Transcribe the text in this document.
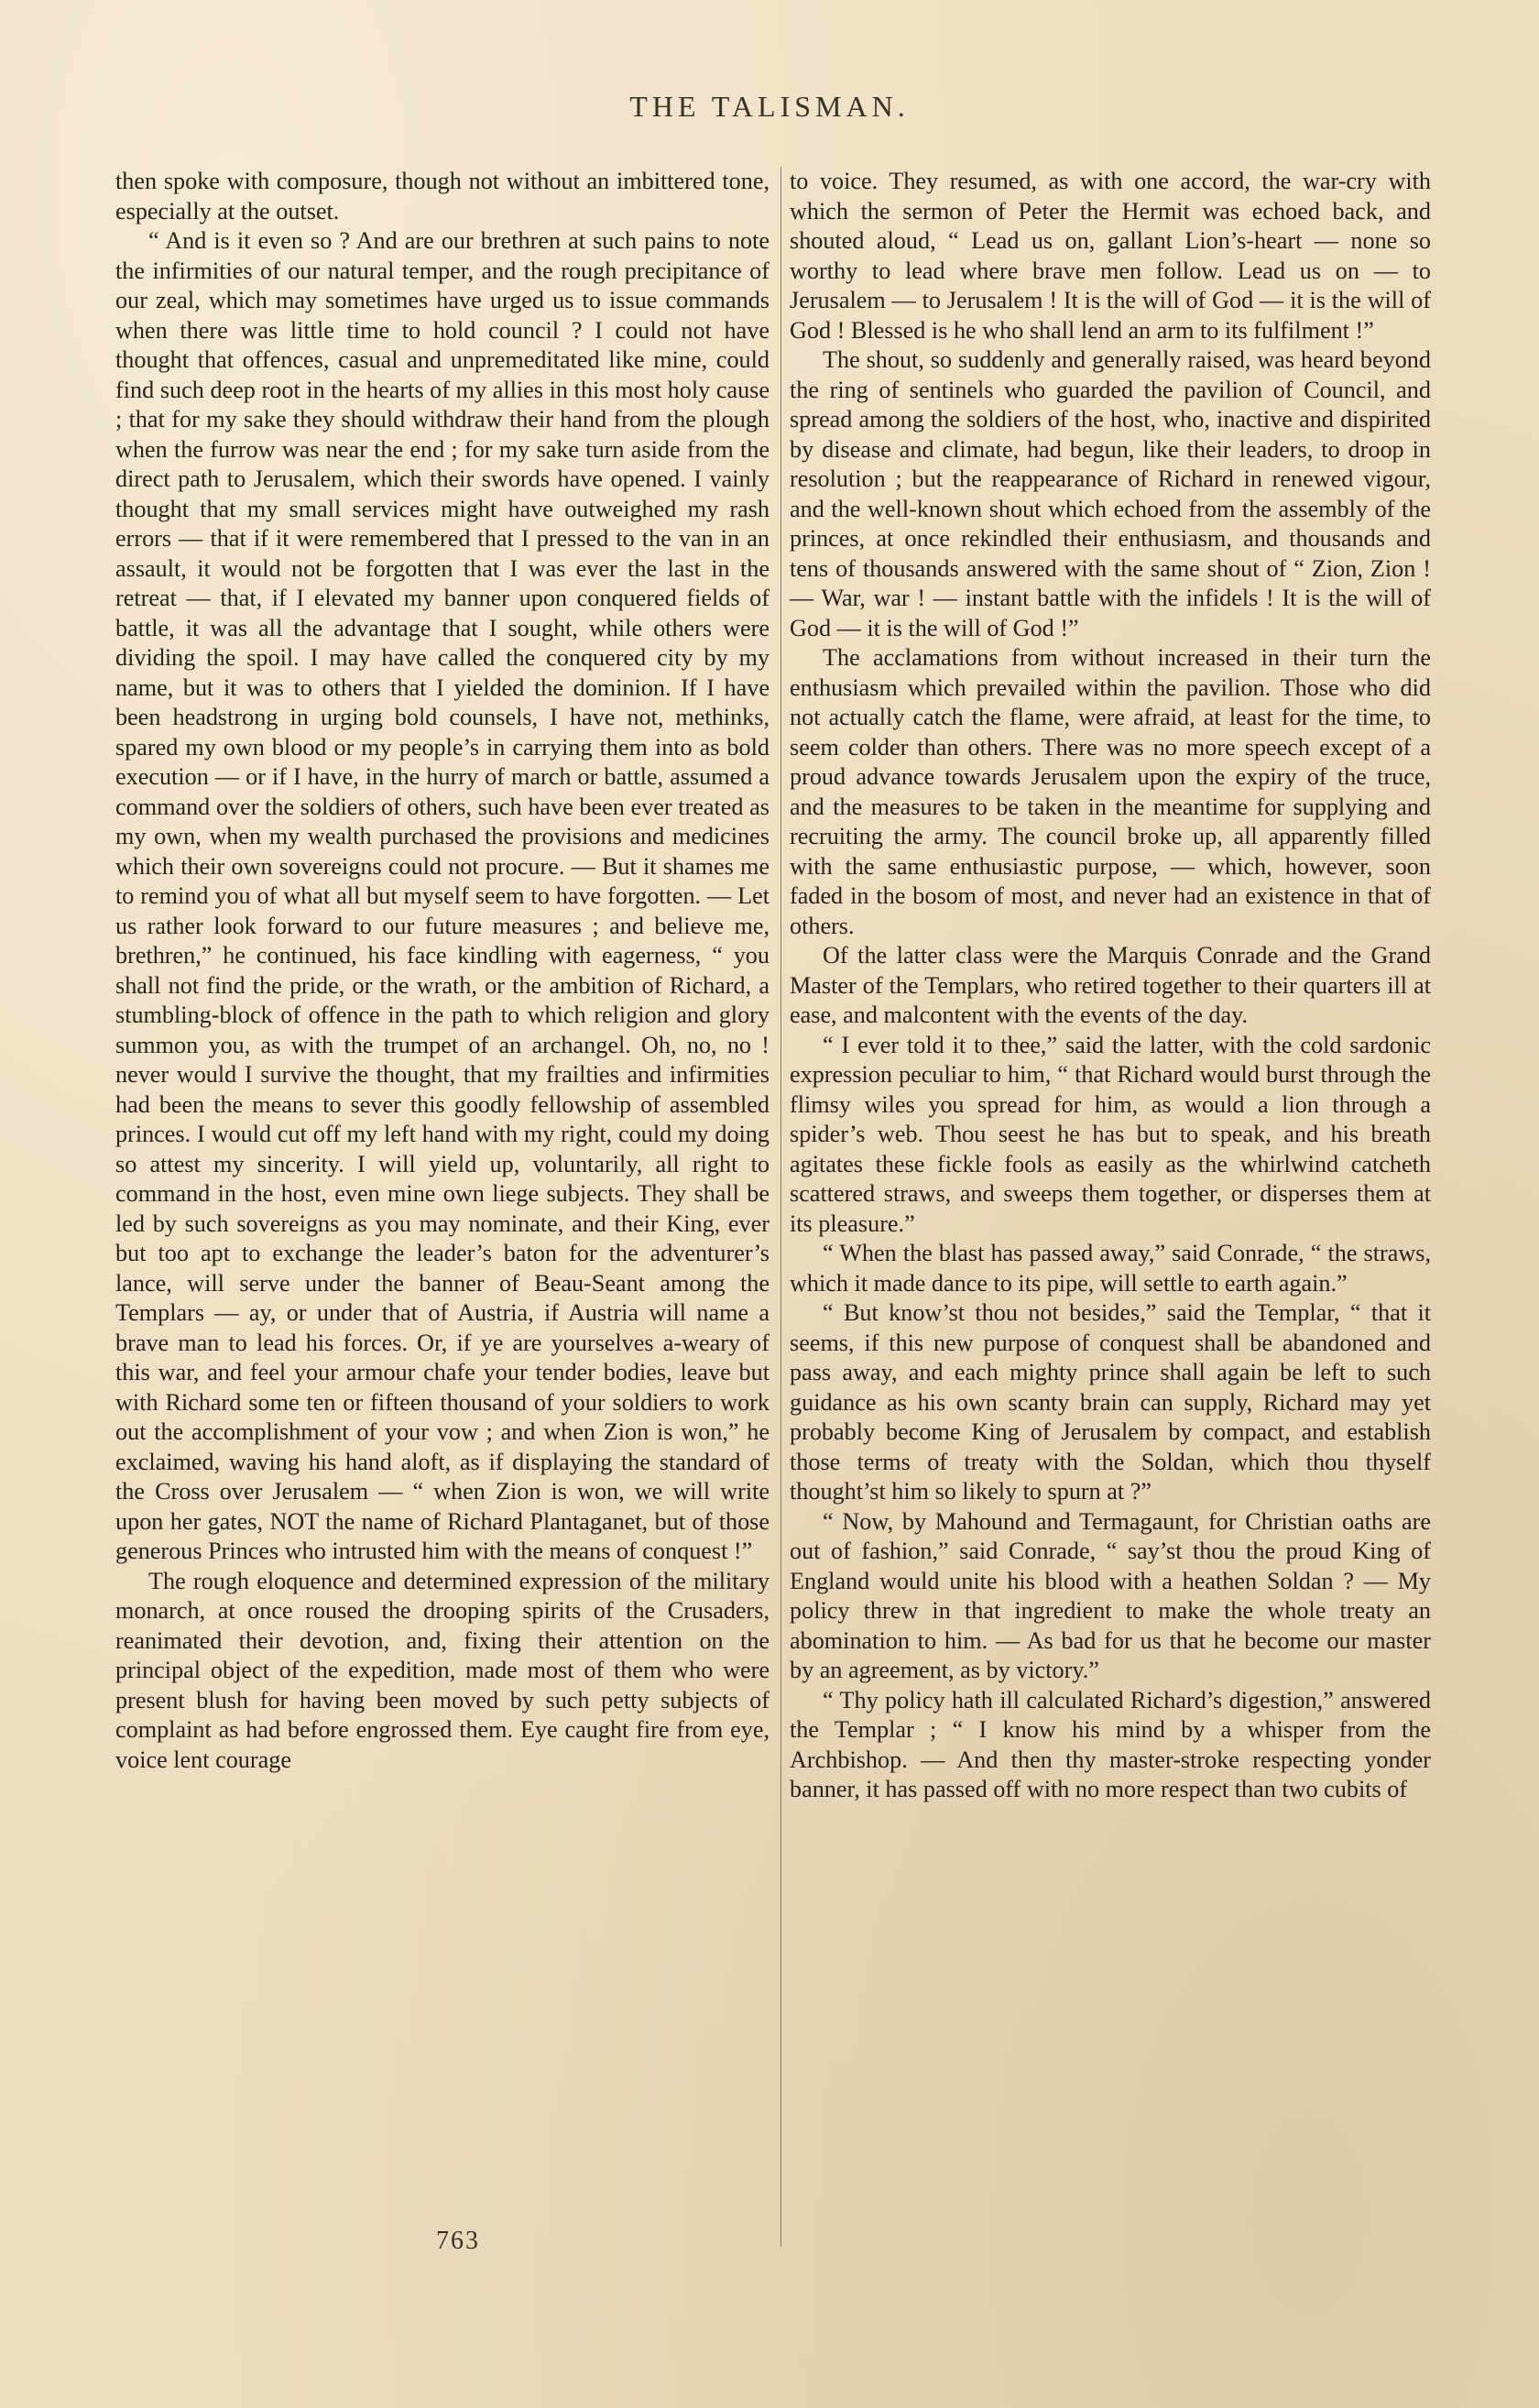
THE TALISMAN.

then spoke with composure, though not without an imbittered tone, especially at the outset.

“ And is it even so ? And are our brethren at such pains to note the infirmities of our natural temper, and the rough precipitance of our zeal, which may sometimes have urged us to issue commands when there was little time to hold council ? I could not have thought that offences, casual and unpremeditated like mine, could find such deep root in the hearts of my allies in this most holy cause ; that for my sake they should withdraw their hand from the plough when the furrow was near the end ; for my sake turn aside from the direct path to Jerusalem, which their swords have opened. I vainly thought that my small services might have outweighed my rash errors — that if it were remembered that I pressed to the van in an assault, it would not be forgotten that I was ever the last in the retreat — that, if I elevated my banner upon conquered fields of battle, it was all the advantage that I sought, while others were dividing the spoil. I may have called the conquered city by my name, but it was to others that I yielded the dominion. If I have been headstrong in urging bold counsels, I have not, methinks, spared my own blood or my people’s in carrying them into as bold execution — or if I have, in the hurry of march or battle, assumed a command over the soldiers of others, such have been ever treated as my own, when my wealth purchased the provisions and medicines which their own sovereigns could not procure. — But it shames me to remind you of what all but myself seem to have forgotten. — Let us rather look forward to our future measures ; and believe me, brethren,” he continued, his face kindling with eagerness, “ you shall not find the pride, or the wrath, or the ambition of Richard, a stumbling-block of offence in the path to which religion and glory summon you, as with the trumpet of an archangel. Oh, no, no ! never would I survive the thought, that my frailties and infirmities had been the means to sever this goodly fellowship of assembled princes. I would cut off my left hand with my right, could my doing so attest my sincerity. I will yield up, voluntarily, all right to command in the host, even mine own liege subjects. They shall be led by such sovereigns as you may nominate, and their King, ever but too apt to exchange the leader’s baton for the adventurer’s lance, will serve under the banner of Beau-Seant among the Templars — ay, or under that of Austria, if Austria will name a brave man to lead his forces. Or, if ye are yourselves a-weary of this war, and feel your armour chafe your tender bodies, leave but with Richard some ten or fifteen thousand of your soldiers to work out the accomplishment of your vow ; and when Zion is won,” he exclaimed, waving his hand aloft, as if displaying the standard of the Cross over Jerusalem — “ when Zion is won, we will write upon her gates, NOT the name of Richard Plantaganet, but of those generous Princes who intrusted him with the means of conquest !”

The rough eloquence and determined expression of the military monarch, at once roused the drooping spirits of the Crusaders, reanimated their devotion, and, fixing their attention on the principal object of the expedition, made most of them who were present blush for having been moved by such petty subjects of complaint as had before engrossed them. Eye caught fire from eye, voice lent courage

to voice. They resumed, as with one accord, the war-cry with which the sermon of Peter the Hermit was echoed back, and shouted aloud, “ Lead us on, gallant Lion’s-heart — none so worthy to lead where brave men follow. Lead us on — to Jerusalem — to Jerusalem ! It is the will of God — it is the will of God ! Blessed is he who shall lend an arm to its fulfilment !”

The shout, so suddenly and generally raised, was heard beyond the ring of sentinels who guarded the pavilion of Council, and spread among the soldiers of the host, who, inactive and dispirited by disease and climate, had begun, like their leaders, to droop in resolution ; but the reappearance of Richard in renewed vigour, and the well-known shout which echoed from the assembly of the princes, at once rekindled their enthusiasm, and thousands and tens of thousands answered with the same shout of “ Zion, Zion ! — War, war ! — instant battle with the infidels ! It is the will of God — it is the will of God !”

The acclamations from without increased in their turn the enthusiasm which prevailed within the pavilion. Those who did not actually catch the flame, were afraid, at least for the time, to seem colder than others. There was no more speech except of a proud advance towards Jerusalem upon the expiry of the truce, and the measures to be taken in the meantime for supplying and recruiting the army. The council broke up, all apparently filled with the same enthusiastic purpose, — which, however, soon faded in the bosom of most, and never had an existence in that of others.

Of the latter class were the Marquis Conrade and the Grand Master of the Templars, who retired together to their quarters ill at ease, and malcontent with the events of the day.

“ I ever told it to thee,” said the latter, with the cold sardonic expression peculiar to him, “ that Richard would burst through the flimsy wiles you spread for him, as would a lion through a spider’s web. Thou seest he has but to speak, and his breath agitates these fickle fools as easily as the whirlwind catcheth scattered straws, and sweeps them together, or disperses them at its pleasure.”

“ When the blast has passed away,” said Conrade, “ the straws, which it made dance to its pipe, will settle to earth again.”

“ But know’st thou not besides,” said the Templar, “ that it seems, if this new purpose of conquest shall be abandoned and pass away, and each mighty prince shall again be left to such guidance as his own scanty brain can supply, Richard may yet probably become King of Jerusalem by compact, and establish those terms of treaty with the Soldan, which thou thyself thought’st him so likely to spurn at ?”

“ Now, by Mahound and Termagaunt, for Christian oaths are out of fashion,” said Conrade, “ say’st thou the proud King of England would unite his blood with a heathen Soldan ? — My policy threw in that ingredient to make the whole treaty an abomination to him. — As bad for us that he become our master by an agreement, as by victory.”

“ Thy policy hath ill calculated Richard’s digestion,” answered the Templar ; “ I know his mind by a whisper from the Archbishop. — And then thy master-stroke respecting yonder banner, it has passed off with no more respect than two cubits of

763
